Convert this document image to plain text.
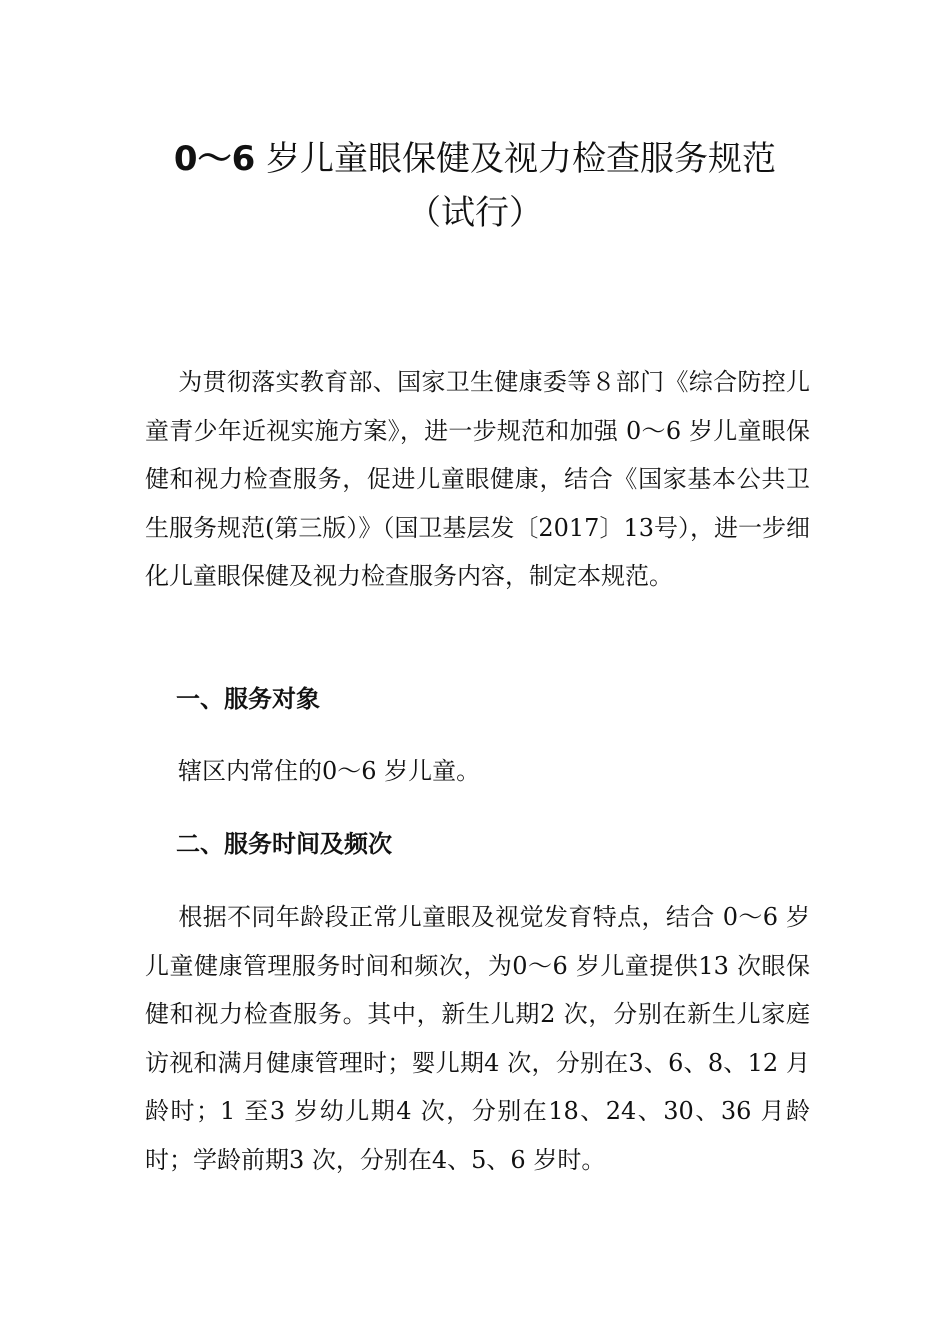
0～6 岁儿童眼保健及视力检查服务规范（试行）
为贯彻落实教育部、国家卫生健康委等８部门《综合防控儿童青少年近视实施方案》，进一步规范和加强 0～6 岁儿童眼保健和视力检查服务，促进儿童眼健康，结合《国家基本公共卫生服务规范(第三版）》（国卫基层发〔2017〕13号），进一步细化儿童眼保健及视力检查服务内容，制定本规范。
一、服务对象
辖区内常住的0～6 岁儿童。
二、服务时间及频次
根据不同年龄段正常儿童眼及视觉发育特点，结合 0～6 岁儿童健康管理服务时间和频次，为0～6 岁儿童提供13 次眼保健和视力检查服务。其中，新生儿期2 次，分别在新生儿家庭访视和满月健康管理时；婴儿期4 次，分别在3、6、8、12 月龄时；1 至3 岁幼儿期4 次，分别在18、24、30、36 月龄时；学龄前期3 次，分别在4、5、6 岁时。
